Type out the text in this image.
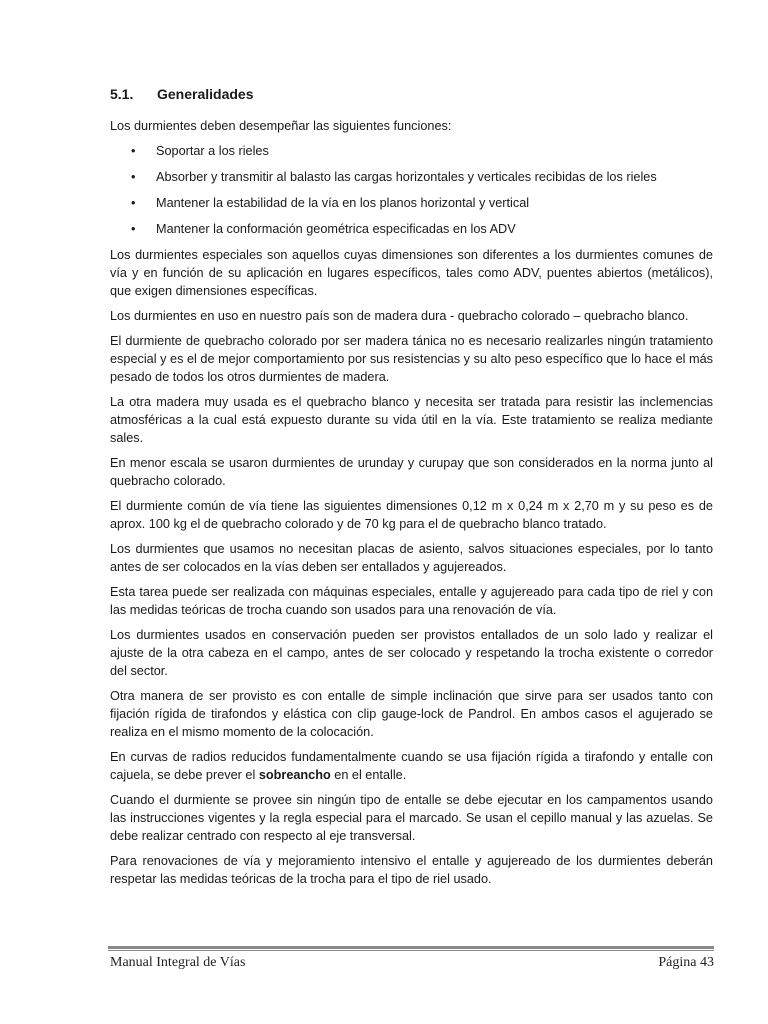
5.1. Generalidades

Los durmientes deben desempeñar las siguientes funciones:

• Soportar a los rieles
• Absorber y transmitir al balasto las cargas horizontales y verticales recibidas de los rieles
• Mantener la estabilidad de la vía en los planos horizontal y vertical
• Mantener la conformación geométrica especificadas en los ADV

Los durmientes especiales son aquellos cuyas dimensiones son diferentes a los durmientes comunes de vía y en función de su aplicación en lugares específicos, tales como ADV, puentes abiertos (metálicos), que exigen dimensiones específicas.

Los durmientes en uso en nuestro país son de madera dura - quebracho colorado – quebracho blanco.

El durmiente de quebracho colorado por ser madera tánica no es necesario realizarles ningún tratamiento especial y es el de mejor comportamiento por sus resistencias y su alto peso específico que lo hace el más pesado de todos los otros durmientes de madera.

La otra madera muy usada es el quebracho blanco y necesita ser tratada para resistir las inclemencias atmosféricas a la cual está expuesto durante su vida útil en la vía. Este tratamiento se realiza mediante sales.

En menor escala se usaron durmientes de urunday y curupay que son considerados en la norma junto al quebracho colorado.

El durmiente común de vía tiene las siguientes dimensiones 0,12 m x 0,24 m x 2,70 m y su peso es de aprox. 100 kg el de quebracho colorado y de 70 kg para el de quebracho blanco tratado.

Los durmientes que usamos no necesitan placas de asiento, salvos situaciones especiales, por lo tanto antes de ser colocados en la vías deben ser entallados y agujereados.

Esta tarea puede ser realizada con máquinas especiales, entalle y agujereado para cada tipo de riel y con las medidas teóricas de trocha cuando son usados para una renovación de vía.

Los durmientes usados en conservación pueden ser provistos entallados de un solo lado y realizar el ajuste de la otra cabeza en el campo, antes de ser colocado y respetando la trocha existente o corredor del sector.

Otra manera de ser provisto es con entalle de simple inclinación que sirve para ser usados tanto con fijación rígida de tirafondos y elástica con clip gauge-lock de Pandrol. En ambos casos el agujerado se realiza en el mismo momento de la colocación.

En curvas de radios reducidos fundamentalmente cuando se usa fijación rígida a tirafondo y entalle con cajuela, se debe prever el sobreancho en el entalle.

Cuando el durmiente se provee sin ningún tipo de entalle se debe ejecutar en los campamentos usando las instrucciones vigentes y la regla especial para el marcado. Se usan el cepillo manual y las azuelas. Se debe realizar centrado con respecto al eje transversal.

Para renovaciones de vía y mejoramiento intensivo el entalle y agujereado de los durmientes deberán respetar las medidas teóricas de la trocha para el tipo de riel usado.

Manual Integral de Vías	Página 43
